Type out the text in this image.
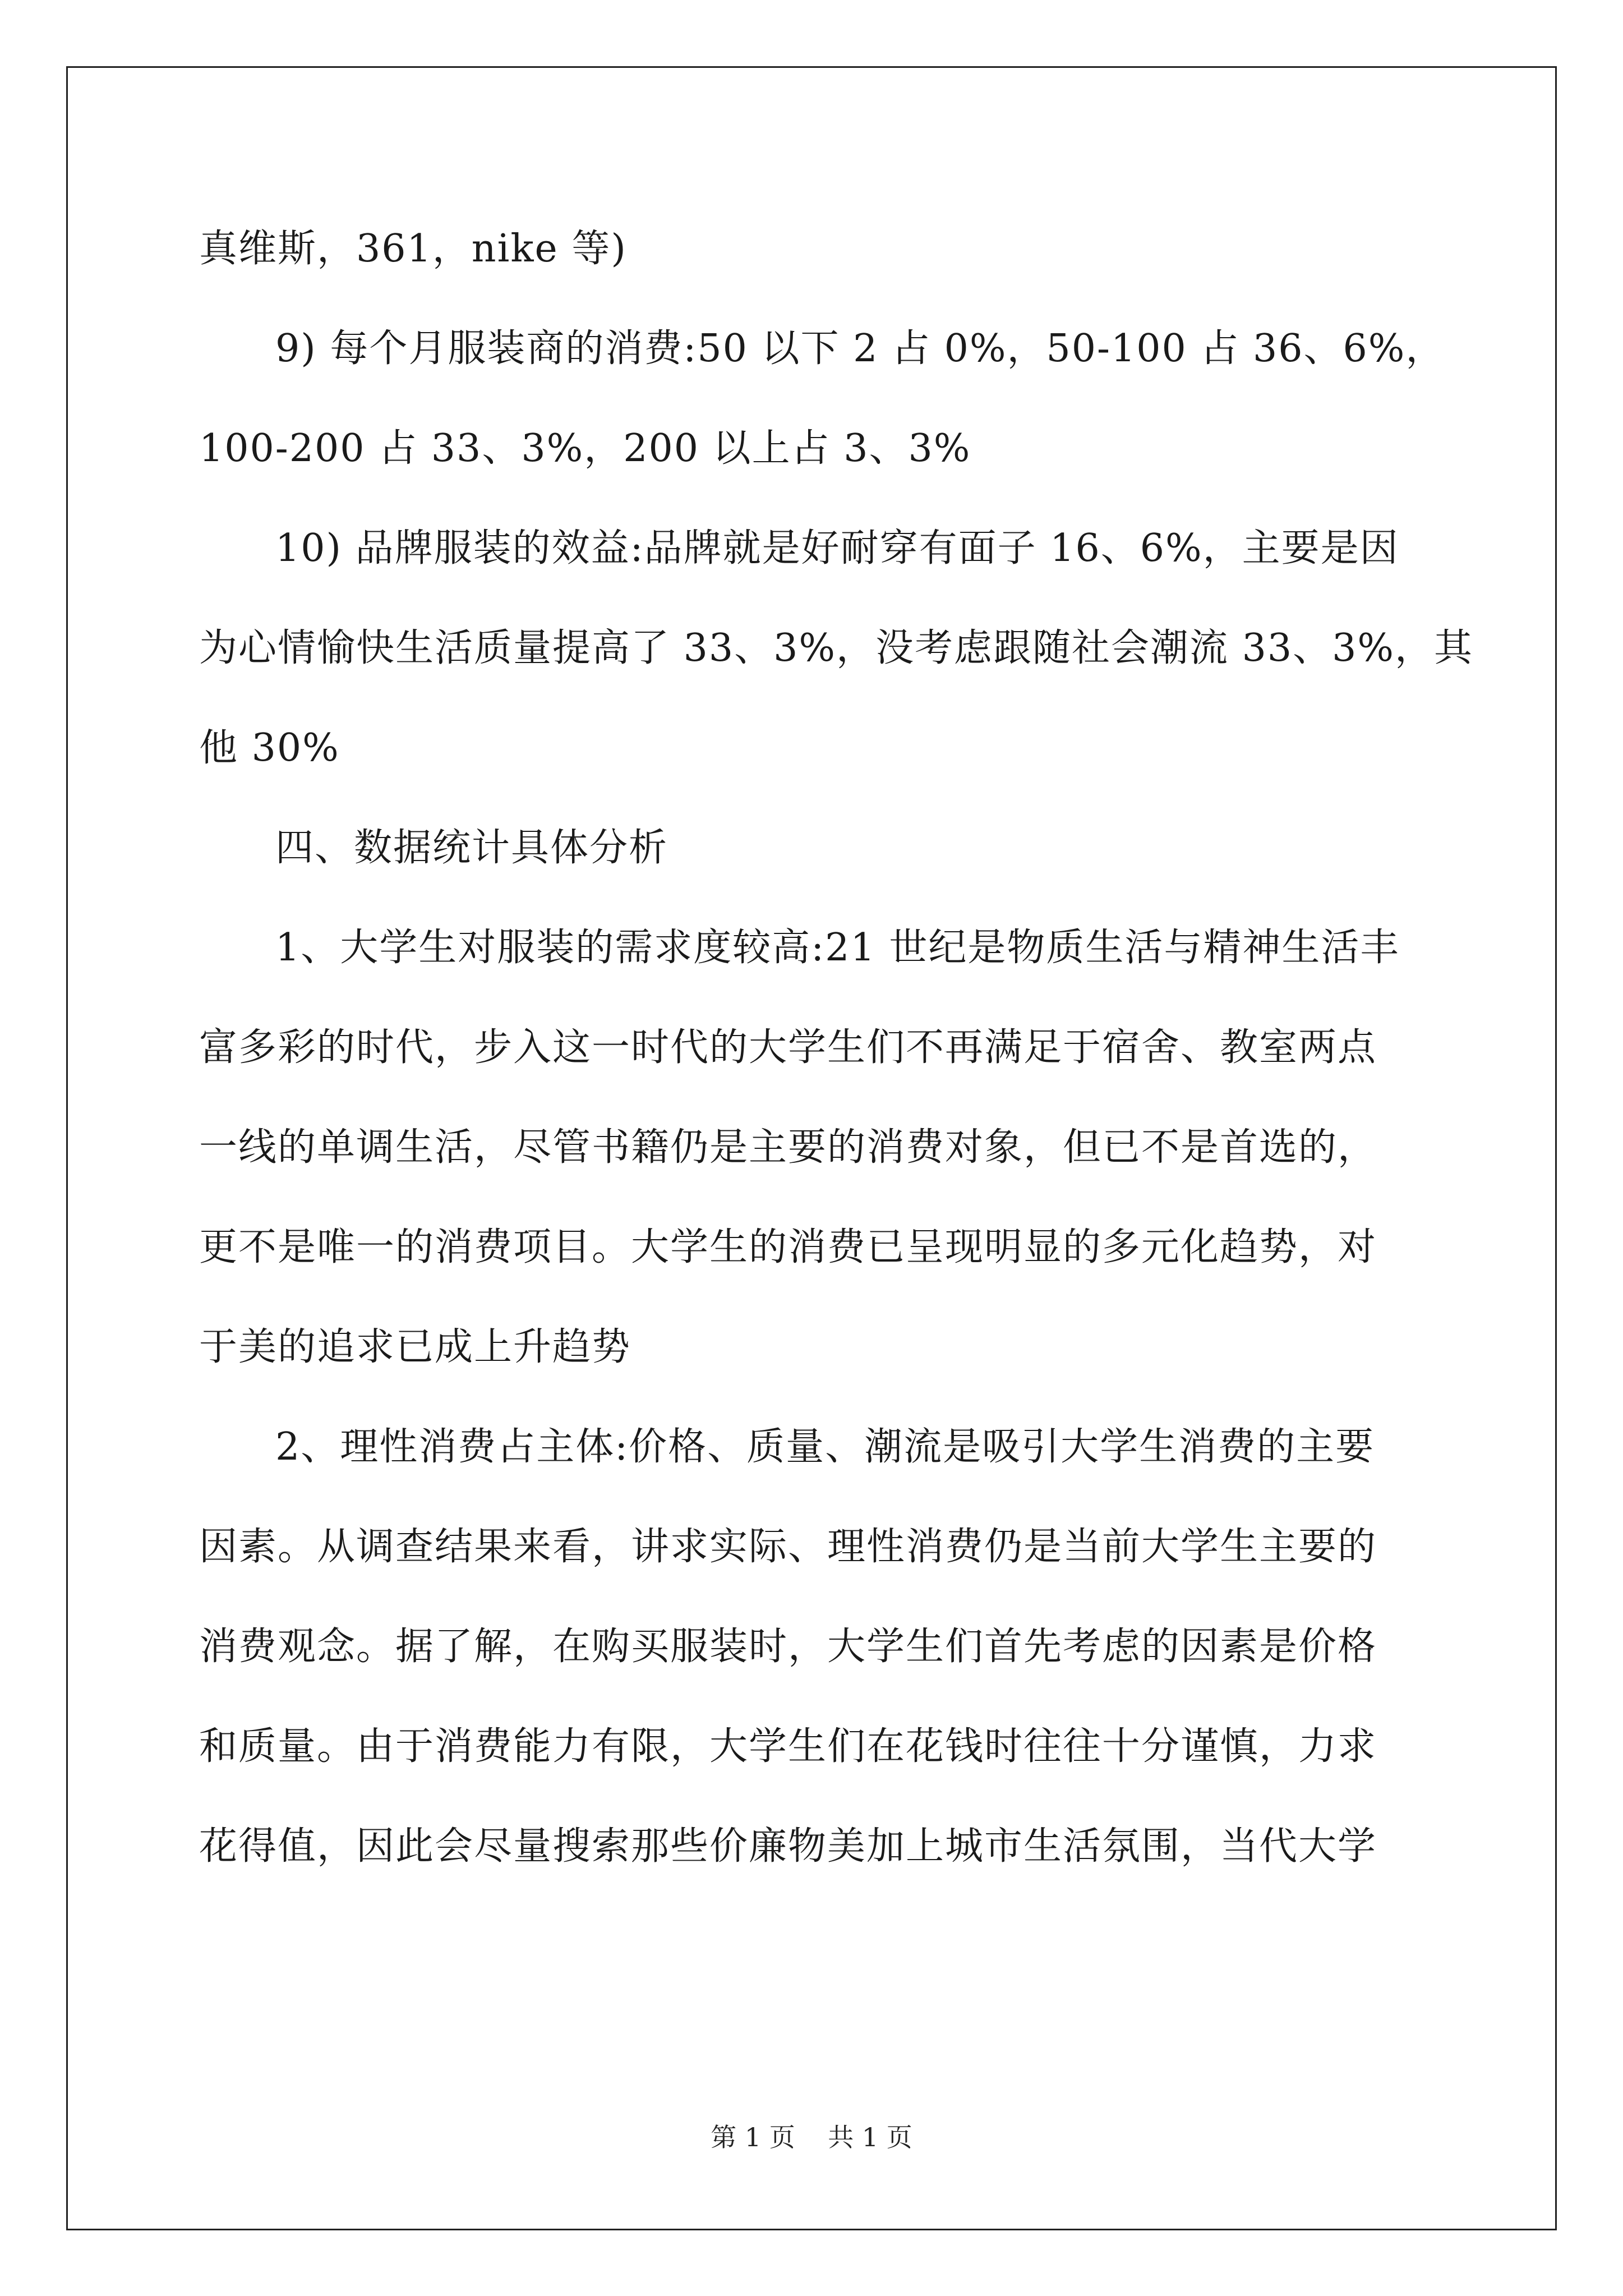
真维斯，361，nike 等)
9) 每个月服装商的消费:50 以下 2 占 0%，50-100 占 36、6%，
100-200 占 33、3%，200 以上占 3、3%
10) 品牌服装的效益:品牌就是好耐穿有面子 16、6%，主要是因
为心情愉快生活质量提高了 33、3%，没考虑跟随社会潮流 33、3%，其
他 30%
四、数据统计具体分析
1、大学生对服装的需求度较高:21 世纪是物质生活与精神生活丰
富多彩的时代，步入这一时代的大学生们不再满足于宿舍、教室两点
一线的单调生活，尽管书籍仍是主要的消费对象，但已不是首选的，
更不是唯一的消费项目。大学生的消费已呈现明显的多元化趋势，对
于美的追求已成上升趋势
2、理性消费占主体:价格、质量、潮流是吸引大学生消费的主要
因素。从调查结果来看，讲求实际、理性消费仍是当前大学生主要的
消费观念。据了解，在购买服装时，大学生们首先考虑的因素是价格
和质量。由于消费能力有限，大学生们在花钱时往往十分谨慎，力求
花得值，因此会尽量搜索那些价廉物美加上城市生活氛围，当代大学
第 1 页    共 1 页
